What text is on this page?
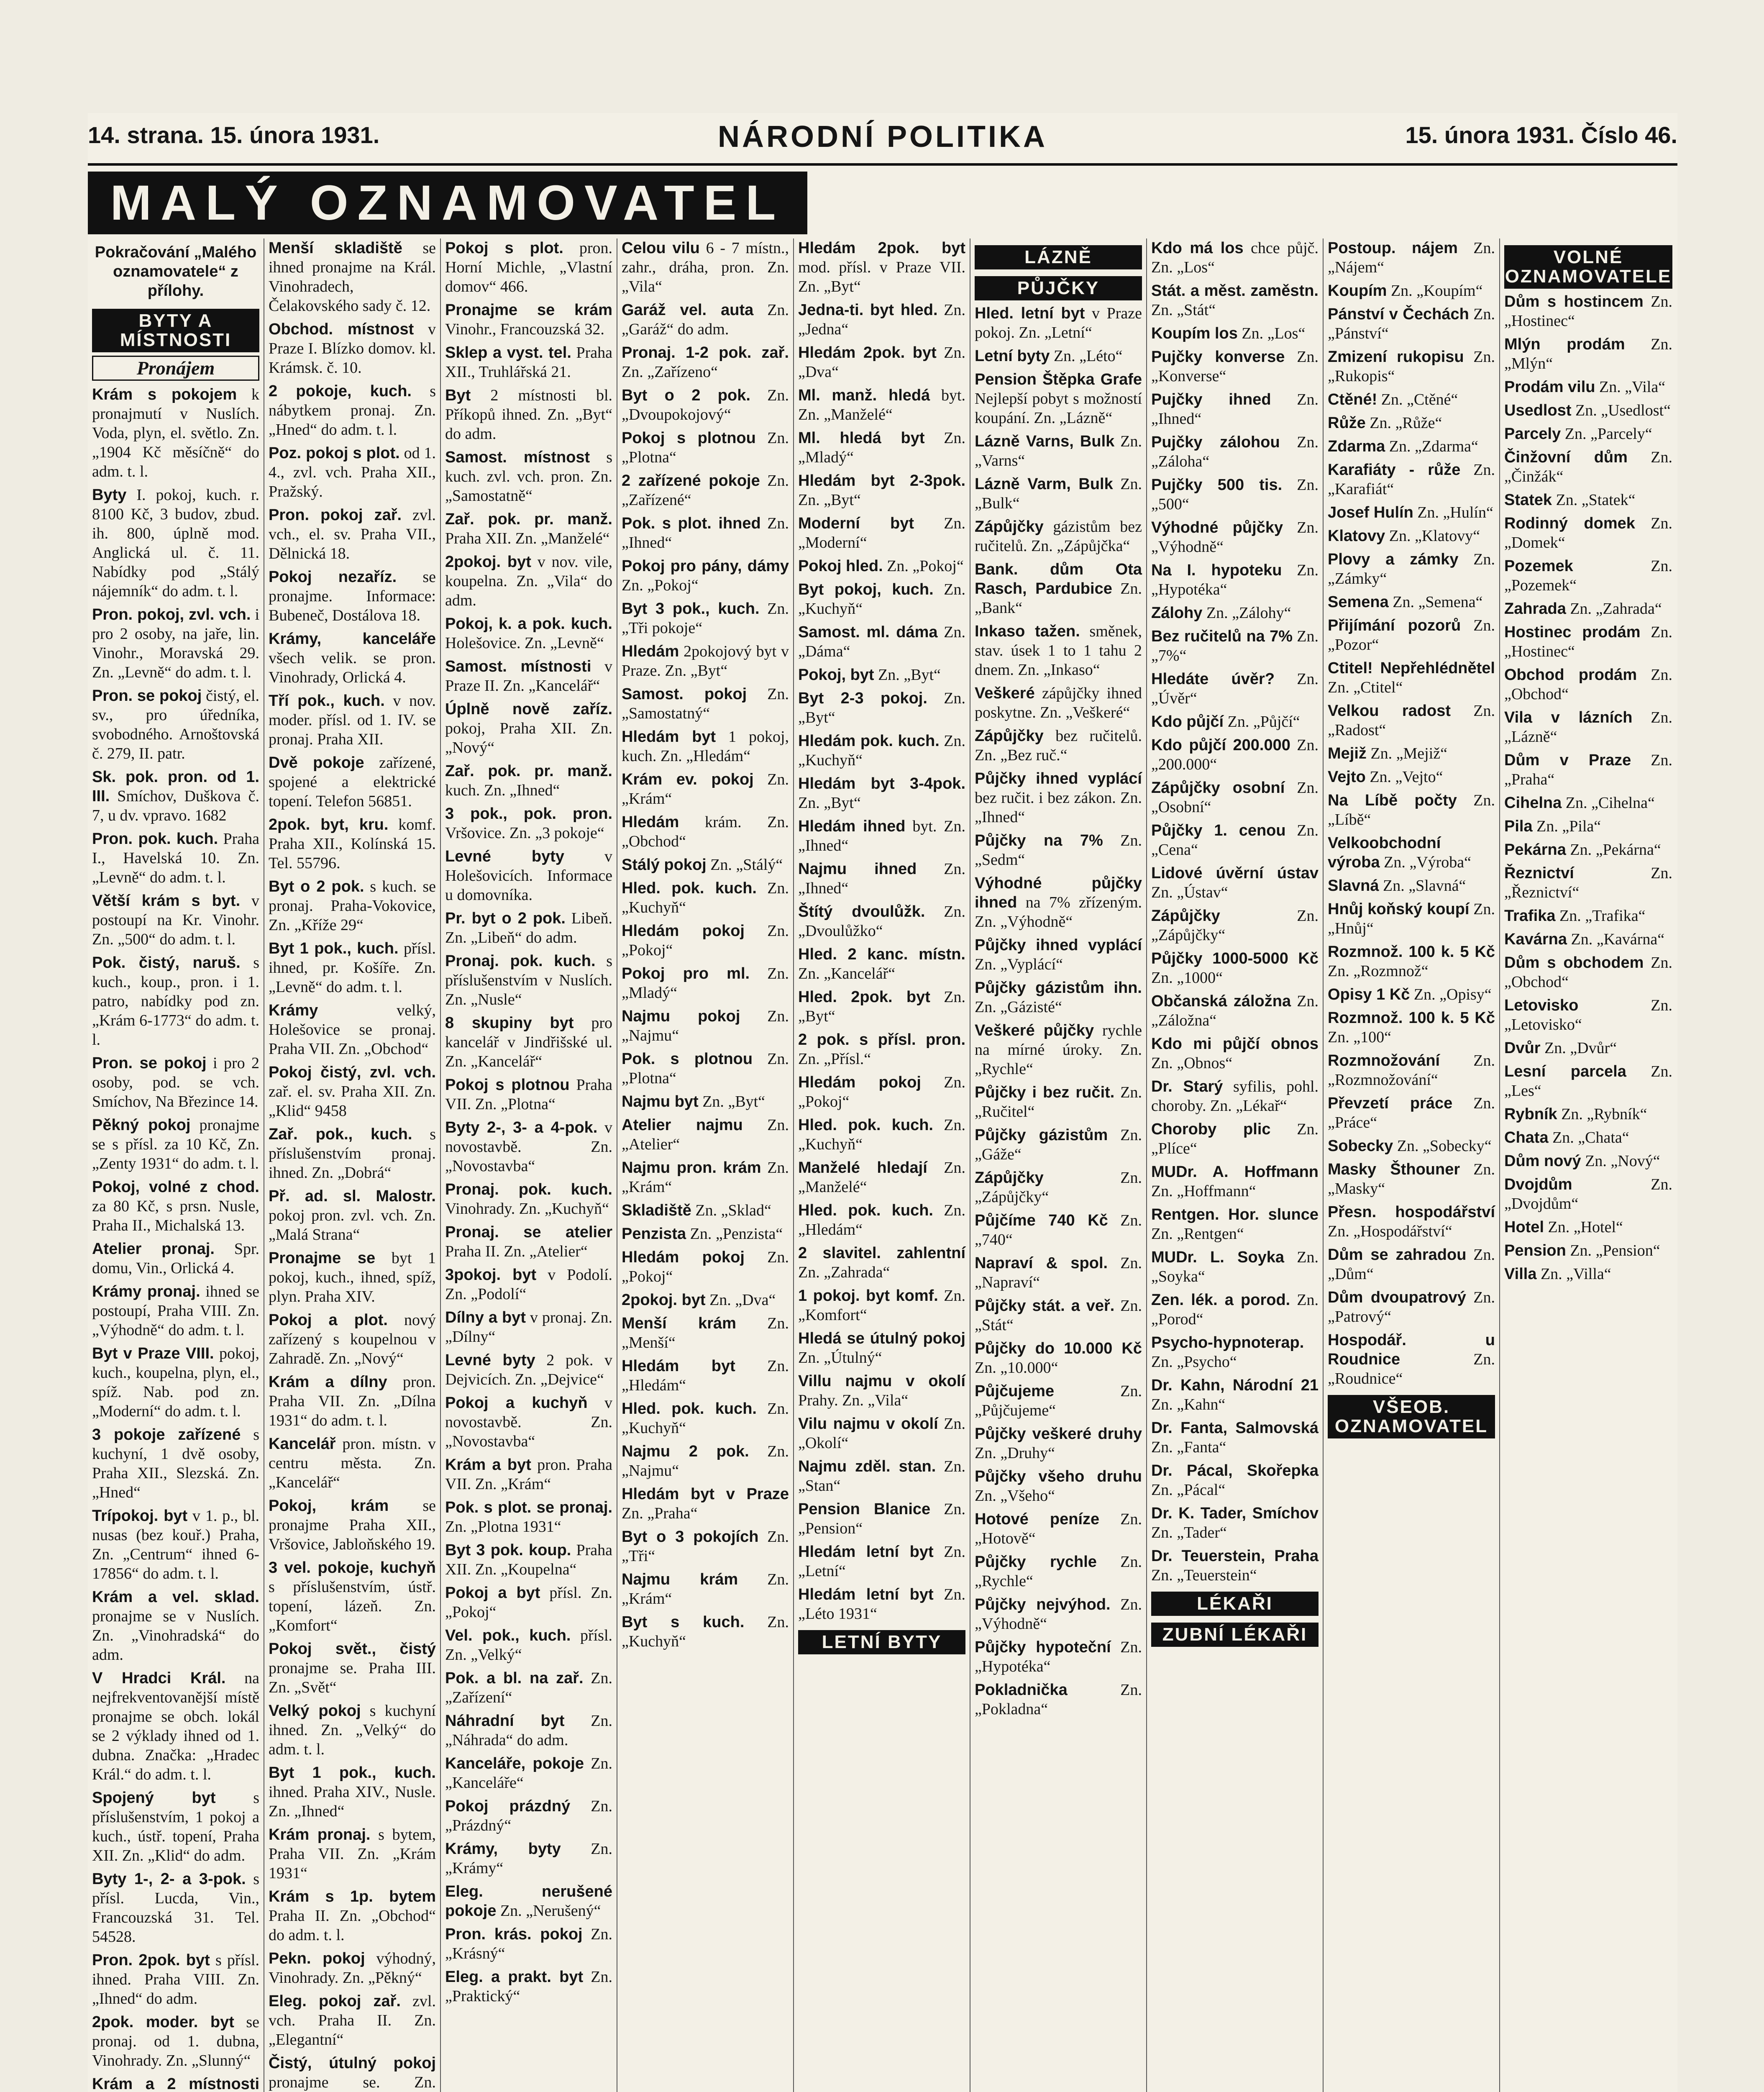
14. strana. 15. února 1931.	NÁRODNÍ POLITIKA	15. února 1931. Číslo 46.
MALÝ OZNAMOVATEL
Pokračování „Malého oznamovatele“ z přílohy.
BYTY A MÍSTNOSTI
Pronájem
Krám s pokojem k pronajmutí v Nuslích. Voda, plyn, el. světlo. Zn. „1904 Kč měsíčně“ do adm. t. l.
Byty I. pokoj, kuch. r. 8100 Kč, 3 budov, zbud. ih. 800, úplně mod. Anglická ul. č. 11. Nabídky pod „Stálý nájemník“ do adm. t. l.
Pron. pokoj, zvl. vch. i pro 2 osoby, na jaře, lin. Vinohr., Moravská 29. Zn. „Levně“ do adm. t. l.
Pron. se pokoj čistý, el. sv., pro úředníka, svobodného. Arnoštovská č. 279, II. patr.
Sk. pok. pron. od 1. III. Smíchov, Duškova č. 7, u dv. vpravo. 1682
Pron. pok. kuch. Praha I., Havelská 10. Zn. „Levně“ do adm. t. l.
Větší krám s byt. v postoupí na Kr. Vinohr. Zn. „500“ do adm. t. l.
Pok. čistý, naruš. s kuch., koup., pron. i 1. patro, nabídky pod zn. „Krám 6-1773“ do adm. t. l.
Pron. se pokoj i pro 2 osoby, pod. se vch. Smíchov, Na Březince 14.
Pěkný pokoj pronajme se s přísl. za 10 Kč, Zn. „Zenty 1931“ do adm. t. l.
Pokoj, volné z chod. za 80 Kč, s prsn. Nusle, Praha II., Michalská 13.
Atelier pronaj. Spr. domu, Vin., Orlická 4.
Krámy pronaj. ihned se postoupí, Praha VIII. Zn. „Výhodně“ do adm. t. l.
Byt v Praze VIII. pokoj, kuch., koupelna, plyn, el., spíž. Nab. pod zn. „Moderní“ do adm. t. l.
3 pokoje zařízené s kuchyní, 1 dvě osoby, Praha XII., Slezská. Zn. „Hned“
Trípokoj. byt v 1. p., bl. nusas (bez kouř.) Praha, Zn. „Centrum“ ihned 6-17856“ do adm. t. l.
Krám a vel. sklad. pronajme se v Nuslích. Zn. „Vinohradská“ do adm.
V Hradci Král. na nejfrekventovanější místě pronajme se obch. lokál se 2 výklady ihned od 1. dubna. Značka: „Hradec Král.“ do adm. t. l.
Spojený byt s příslušenstvím, 1 pokoj a kuch., ústř. topení, Praha XII. Zn. „Klid“ do adm.
Byty 1-, 2- a 3-pok. s přísl. Lucda, Vin., Francouzská 31. Tel. 54528.
Pron. 2pok. byt s přísl. ihned. Praha VIII. Zn. „Ihned“ do adm.
2pok. moder. byt se pronaj. od 1. dubna, Vinohrady. Zn. „Slunný“
Krám a 2 místnosti
Menší skladiště se ihned pronajme na Král. Vinohradech, Čelakovského sady č. 12.
Obchod. místnost v Praze I. Blízko domov. kl. Krámsk. č. 10.
2 pokoje, kuch. s nábytkem pronaj. Zn. „Hned“ do adm. t. l.
Poz. pokoj s plot. od 1. 4., zvl. vch. Praha XII., Pražský.
Pron. pokoj zař. zvl. vch., el. sv. Praha VII., Dělnická 18.
Pokoj nezaříz. se pronajme. Informace: Bubeneč, Dostálova 18.
Krámy, kanceláře všech velik. se pron. Vinohrady, Orlická 4.
Tří pok., kuch. v nov. moder. přísl. od 1. IV. se pronaj. Praha XII.
Dvě pokoje zařízené, spojené a elektrické topení. Telefon 56851.
2pok. byt, kru. komf. Praha XII., Kolínská 15. Tel. 55796.
Byt o 2 pok. s kuch. se pronaj. Praha-Vokovice, Zn. „Kříže 29“
Byt 1 pok., kuch. přísl. ihned, pr. Košíře. Zn. „Levně“ do adm. t. l.
Krámy	velký, Holešovice se pronaj. Praha VII. Zn. „Obchod“
Pokoj čistý, zvl. vch. zař. el. sv. Praha XII. Zn. „Klid“ 9458
Zař. pok., kuch. s příslušenstvím pronaj. ihned. Zn. „Dobrá“
Př. ad. sl. Malostr. pokoj pron. zvl. vch. Zn. „Malá Strana“
Pronajme se byt 1 pokoj, kuch., ihned, spíž, plyn. Praha XIV.
Pokoj a plot. nový zařízený s koupelnou v Zahradě. Zn. „Nový“
Krám a dílny pron. Praha VII. Zn. „Dílna 1931“ do adm. t. l.
Kancelář pron. místn. v centru města. Zn. „Kancelář“
Pokoj, krám se pronajme Praha XII., Vršovice, Jabloňského 19.
3 vel. pokoje, kuchyň s příslušenstvím, ústř. topení, lázeň. Zn. „Komfort“
Pokoj svět., čistý pronajme se. Praha III. Zn. „Svět“
Velký pokoj s kuchyní ihned. Zn. „Velký“ do adm. t. l.
Byt 1 pok., kuch. ihned. Praha XIV., Nusle. Zn. „Ihned“
Krám pronaj. s bytem, Praha VII. Zn. „Krám 1931“
Krám s 1p. bytem Praha II. Zn. „Obchod“ do adm. t. l.
Pekn. pokoj výhodný, Vinohrady. Zn. „Pěkný“
Eleg. pokoj zař. zvl. vch. Praha II. Zn. „Elegantní“
Čistý, útulný pokoj pronajme se. Zn.
Pokoj s plot. pron. Horní Michle, „Vlastní domov“ 466.
Pronajme se krám Vinohr., Francouzská 32.
Sklep a vyst. tel. Praha XII., Truhlářská 21.
Byt 2 místnosti bl. Příkopů ihned. Zn. „Byt“ do adm.
Samost. místnost s kuch. zvl. vch. pron. Zn. „Samostatně“
Zař. pok. pr. manž. Praha XII. Zn. „Manželé“
2pokoj. byt v nov. vile, koupelna. Zn. „Vila“ do adm.
Pokoj, k. a pok. kuch. Holešovice. Zn. „Levně“
Samost. místnosti v Praze II. Zn. „Kancelář“
Úplně nově zaříz. pokoj, Praha XII. Zn. „Nový“
Zař. pok. pr. manž. kuch. Zn. „Ihned“
3 pok., pok. pron. Vršovice. Zn. „3 pokoje“
Levné byty	v Holešovicích. Informace u domovníka.
Pr. byt o 2 pok. Libeň. Zn. „Libeň“ do adm.
Pronaj. pok. kuch. s příslušenstvím v Nuslích. Zn. „Nusle“
8 skupiny byt pro kancelář v Jindřišské ul. Zn. „Kancelář“
Pokoj s plotnou Praha VII. Zn. „Plotna“
Byty 2-, 3- a 4-pok. v novostavbě. Zn. „Novostavba“
Pronaj. pok. kuch. Vinohrady. Zn. „Kuchyň“
Pronaj. se atelier Praha II. Zn. „Atelier“
3pokoj. byt v Podolí. Zn. „Podolí“
Dílny a byt v pronaj. Zn. „Dílny“
Levné byty 2 pok. v Dejvicích. Zn. „Dejvice“
Pokoj a kuchyň v novostavbě. Zn. „Novostavba“
Krám a byt pron. Praha VII. Zn. „Krám“
Pok. s plot. se pronaj. Zn. „Plotna 1931“
Byt 3 pok. koup. Praha XII. Zn. „Koupelna“
Pokoj a byt přísl. Zn. „Pokoj“
Vel. pok., kuch. přísl. Zn. „Velký“
Pok. a bl. na zař. Zn. „Zařízení“
Náhradní byt Zn. „Náhrada“ do adm.
Kanceláře, pokoje Zn. „Kanceláře“
Pokoj prázdný Zn. „Prázdný“
Krámy, byty Zn. „Krámy“
Eleg. nerušené pokoje Zn. „Nerušený“
Pron. krás. pokoj Zn. „Krásný“
Eleg. a prakt. byt Zn. „Praktický“
Celou vilu 6 - 7 místn., zahr., dráha, pron. Zn. „Vila“
Garáž vel. auta Zn. „Garáž“ do adm.
Pronaj. 1-2 pok. zař. Zn. „Zařízeno“
Byt o 2 pok. Zn. „Dvoupokojový“
Pokoj s plotnou Zn. „Plotna“
2 zařízené pokoje Zn. „Zařízené“
Pok. s plot. ihned Zn. „Ihned“
Pokoj pro pány, dámy Zn. „Pokoj“
Byt 3 pok., kuch. Zn. „Tři pokoje“
Hledám 2pokojový byt v Praze. Zn. „Byt“
Samost. pokoj Zn. „Samostatný“
Hledám byt 1 pokoj, kuch. Zn. „Hledám“
Krám ev. pokoj Zn. „Krám“
Hledám krám. Zn. „Obchod“
Stálý pokoj Zn. „Stálý“
Hled. pok. kuch. Zn. „Kuchyň“
Hledám pokoj Zn. „Pokoj“
Pokoj pro ml. Zn. „Mladý“
Najmu pokoj Zn. „Najmu“
Pok. s plotnou Zn. „Plotna“
Najmu byt Zn. „Byt“
Atelier najmu Zn. „Atelier“
Najmu pron. krám Zn. „Krám“
Skladiště Zn. „Sklad“
Penzista Zn. „Penzista“
Hledám pokoj Zn. „Pokoj“
2pokoj. byt Zn. „Dva“
Menší krám Zn. „Menší“
Hledám byt Zn. „Hledám“
Hled. pok. kuch. Zn. „Kuchyň“
Najmu 2 pok. Zn. „Najmu“
Hledám byt v Praze Zn. „Praha“
Byt o 3 pokojích Zn. „Tři“
Najmu krám Zn. „Krám“
Byt s kuch. Zn. „Kuchyň“
Hledám 2pok. byt mod. přísl. v Praze VII. Zn. „Byt“
Jedna-ti. byt hled. Zn. „Jedna“
Hledám 2pok. byt Zn. „Dva“
Ml. manž. hledá byt. Zn. „Manželé“
Ml. hledá byt Zn. „Mladý“
Hledám byt 2-3pok. Zn. „Byt“
Moderní byt Zn. „Moderní“
Pokoj hled. Zn. „Pokoj“
Byt pokoj, kuch. Zn. „Kuchyň“
Samost. ml. dáma Zn. „Dáma“
Pokoj, byt Zn. „Byt“
Byt 2-3 pokoj. Zn. „Byt“
Hledám pok. kuch. Zn. „Kuchyň“
Hledám byt 3-4pok. Zn. „Byt“
Hledám ihned byt. Zn. „Ihned“
Najmu ihned Zn. „Ihned“
Štítý dvoulůžk. Zn. „Dvoulůžko“
Hled. 2 kanc. místn. Zn. „Kancelář“
Hled. 2pok. byt Zn. „Byt“
2 pok. s přísl. pron. Zn. „Přísl.“
Hledám pokoj Zn. „Pokoj“
Hled. pok. kuch. Zn. „Kuchyň“
Manželé hledají Zn. „Manželé“
Hled. pok. kuch. Zn. „Hledám“
2 slavitel. zahlentní Zn. „Zahrada“
1 pokoj. byt komf. Zn. „Komfort“
Hledá se útulný pokoj Zn. „Útulný“
Villu najmu v okolí Prahy. Zn. „Vila“
Vilu najmu v okolí Zn. „Okolí“
Najmu zděl. stan. Zn. „Stan“
Pension Blanice Zn. „Pension“
Hledám letní byt Zn. „Letní“
Hledám letní byt Zn. „Léto 1931“
LETNÍ BYTY
LÁZNĚ
PŮJČKY
Hled. letní byt v Praze pokoj. Zn. „Letní“
Letní byty Zn. „Léto“
Pension Štěpka Grafe Nejlepší pobyt s možností koupání. Zn. „Lázně“
Lázně Varns, Bulk Zn. „Varns“
Lázně Varm, Bulk Zn. „Bulk“
Zápůjčky gázistům bez ručitelů. Zn. „Zápůjčka“
Bank. dům Ota Rasch, Pardubice Zn. „Bank“
Inkaso tažen. směnek, stav. úsek 1 to 1 tahu 2 dnem. Zn. „Inkaso“
Veškeré zápůjčky ihned poskytne. Zn. „Veškeré“
Zápůjčky bez ručitelů. Zn. „Bez ruč.“
Půjčky ihned vyplácí bez ručit. i bez zákon. Zn. „Ihned“
Půjčky na 7% Zn. „Sedm“
Výhodné půjčky ihned na 7% zřízeným. Zn. „Výhodně“
Půjčky ihned vyplácí Zn. „Vyplácí“
Půjčky gázistům ihn. Zn. „Gázisté“
Veškeré půjčky rychle na mírné úroky. Zn. „Rychle“
Půjčky i bez ručit. Zn. „Ručitel“
Půjčky gázistům Zn. „Gáže“
Zápůjčky	Zn. „Zápůjčky“
Půjčíme 740 Kč Zn. „740“
Napraví & spol. Zn. „Napraví“
Půjčky stát. a veř. Zn. „Stát“
Půjčky do 10.000 Kč Zn. „10.000“
Půjčujeme	Zn. „Půjčujeme“
Půjčky veškeré druhy Zn. „Druhy“
Půjčky všeho druhu Zn. „Všeho“
Hotové peníze Zn. „Hotově“
Půjčky rychle Zn. „Rychle“
Půjčky nejvýhod. Zn. „Výhodně“
Půjčky hypoteční Zn. „Hypotéka“
Pokladnička	Zn. „Pokladna“
Kdo má los chce půjč. Zn. „Los“
Stát. a měst. zaměstn. Zn. „Stát“
Koupím los Zn. „Los“
Pujčky konverse Zn. „Konverse“
Pujčky ihned Zn. „Ihned“
Pujčky zálohou Zn. „Záloha“
Pujčky 500 tis. Zn. „500“
Výhodné půjčky Zn. „Výhodně“
Na I. hypoteku Zn. „Hypotéka“
Zálohy Zn. „Zálohy“
Bez ručitelů na 7% Zn. „7%“
Hledáte úvěr? Zn. „Úvěr“
Kdo půjčí Zn. „Půjčí“
Kdo půjčí 200.000 Zn. „200.000“
Zápůjčky osobní Zn. „Osobní“
Půjčky 1. cenou Zn. „Cena“
Lidové úvěrní ústav Zn. „Ústav“
Zápůjčky	Zn. „Zápůjčky“
Půjčky 1000-5000 Kč Zn. „1000“
Občanská záložna Zn. „Záložna“
Kdo mi půjčí obnos Zn. „Obnos“
Dr. Starý syfilis, pohl. choroby. Zn. „Lékař“
Choroby plic Zn. „Plíce“
MUDr. A. Hoffmann Zn. „Hoffmann“
Rentgen. Hor. slunce Zn. „Rentgen“
MUDr. L. Soyka Zn. „Soyka“
Zen. lék. a porod. Zn. „Porod“
Psycho-hypnoterap. Zn. „Psycho“
Dr. Kahn, Národní 21 Zn. „Kahn“
Dr. Fanta, Salmovská Zn. „Fanta“
Dr. Pácal, Skořepka Zn. „Pácal“
Dr. K. Tader, Smíchov Zn. „Tader“
Dr. Teuerstein, Praha Zn. „Teuerstein“
LÉKAŘI
ZUBNÍ LÉKAŘI
Postoup. nájem Zn. „Nájem“
Koupím Zn. „Koupím“
Pánství v Čechách Zn. „Pánství“
Zmizení rukopisu Zn. „Rukopis“
Ctěné! Zn. „Ctěné“
Růže Zn. „Růže“
Zdarma Zn. „Zdarma“
Karafiáty - růže Zn. „Karafiát“
Josef Hulín Zn. „Hulín“
Klatovy Zn. „Klatovy“
Plovy a zámky Zn. „Zámky“
Semena Zn. „Semena“
Přijímání pozorů Zn. „Pozor“
Ctitel! Nepřehlédnětel Zn. „Ctitel“
Velkou radost Zn. „Radost“
Mejiž Zn. „Mejiž“
Vejto Zn. „Vejto“
Na Líbě počty Zn. „Líbě“
Velkoobchodní výroba Zn. „Výroba“
Slavná Zn. „Slavná“
Hnůj koňský koupí Zn. „Hnůj“
Rozmnož. 100 k. 5 Kč Zn. „Rozmnož“
Opisy 1 Kč Zn. „Opisy“
Rozmnož. 100 k. 5 Kč Zn. „100“
Rozmnožování Zn. „Rozmnožování“
Převzetí práce Zn. „Práce“
Sobecky Zn. „Sobecky“
Masky Šthouner Zn. „Masky“
Přesn. hospodářství Zn. „Hospodářství“
Dům se zahradou Zn. „Dům“
Dům dvoupatrový Zn. „Patrový“
Hospodář. u Roudnice	Zn. „Roudnice“
VŠEOB. OZNAMOVATEL
VOLNÉ OZNAMOVATELE
Dům s hostincem Zn. „Hostinec“
Mlýn prodám Zn. „Mlýn“
Prodám vilu Zn. „Vila“
Usedlost Zn. „Usedlost“
Parcely Zn. „Parcely“
Činžovní dům Zn. „Činžák“
Statek Zn. „Statek“
Rodinný domek Zn. „Domek“
Pozemek	Zn. „Pozemek“
Zahrada Zn. „Zahrada“
Hostinec prodám Zn. „Hostinec“
Obchod prodám Zn. „Obchod“
Vila v lázních Zn. „Lázně“
Dům v Praze Zn. „Praha“
Cihelna Zn. „Cihelna“
Pila Zn. „Pila“
Pekárna Zn. „Pekárna“
Řeznictví	Zn. „Řeznictví“
Trafika Zn. „Trafika“
Kavárna Zn. „Kavárna“
Dům s obchodem Zn. „Obchod“
Letovisko	Zn. „Letovisko“
Dvůr Zn. „Dvůr“
Lesní parcela Zn. „Les“
Rybník Zn. „Rybník“
Chata Zn. „Chata“
Dům nový Zn. „Nový“
Dvojdům	Zn. „Dvojdům“
Hotel Zn. „Hotel“
Pension Zn. „Pension“
Villa Zn. „Villa“
